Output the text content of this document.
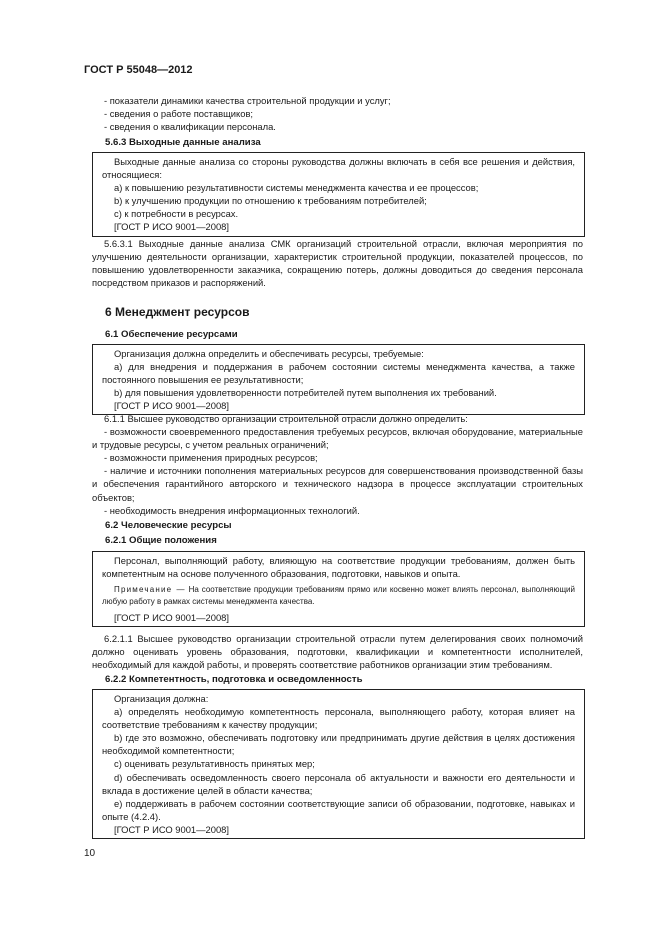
ГОСТ Р 55048—2012

- показатели динамики качества строительной продукции и услуг;

- сведения о работе поставщиков;

- сведения о квалификации персонала.

5.6.3 Выходные данные анализа

Выходные данные анализа со стороны руководства должны включать в себя все решения и действия, относящиеся:

a) к повышению результативности системы менеджмента качества и ее процессов;

b) к улучшению продукции по отношению к требованиям потребителей;

c) к потребности в ресурсах.

[ГОСТ Р ИСО 9001—2008]

5.6.3.1 Выходные данные анализа СМК организаций строительной отрасли, включая мероприятия по улучшению деятельности организации, характеристик строительной продукции, показателей процессов, по повышению удовлетворенности заказчика, сокращению потерь, должны доводиться до сведения персонала посредством приказов и распоряжений.

6 Менеджмент ресурсов
6.1 Обеспечение ресурсами

Организация должна определить и обеспечивать ресурсы, требуемые:

a) для внедрения и поддержания в рабочем состоянии системы менеджмента качества, а также постоянного повышения ее результативности;

b) для повышения удовлетворенности потребителей путем выполнения их требований.

[ГОСТ Р ИСО 9001—2008]

6.1.1 Высшее руководство организации строительной отрасли должно определить:

- возможности своевременного предоставления требуемых ресурсов, включая оборудование, материальные и трудовые ресурсы, с учетом реальных ограничений;

- возможности применения природных ресурсов;

- наличие и источники пополнения материальных ресурсов для совершенствования производственной базы и обеспечения гарантийного авторского и технического надзора в процессе эксплуатации строительных объектов;

- необходимость внедрения информационных технологий.

6.2 Человеческие ресурсы
6.2.1 Общие положения

Персонал, выполняющий работу, влияющую на соответствие продукции требованиям, должен быть компетентным на основе полученного образования, подготовки, навыков и опыта.

Примечание — На соответствие продукции требованиям прямо или косвенно может влиять персонал, выполняющий любую работу в рамках системы менеджмента качества.

[ГОСТ Р ИСО 9001—2008]

6.2.1.1 Высшее руководство организации строительной отрасли путем делегирования своих полномочий должно оценивать уровень образования, подготовки, квалификации и компетентности исполнителей, необходимый для каждой работы, и проверять соответствие работников организации этим требованиям.

6.2.2 Компетентность, подготовка и осведомленность

Организация должна:

a) определять необходимую компетентность персонала, выполняющего работу, которая влияет на соответствие требованиям к качеству продукции;

b) где это возможно, обеспечивать подготовку или предпринимать другие действия в целях достижения необходимой компетентности;

c) оценивать результативность принятых мер;

d) обеспечивать осведомленность своего персонала об актуальности и важности его деятельности и вклада в достижение целей в области качества;

e) поддерживать в рабочем состоянии соответствующие записи об образовании, подготовке, навыках и опыте (4.2.4).

[ГОСТ Р ИСО 9001—2008]

10
